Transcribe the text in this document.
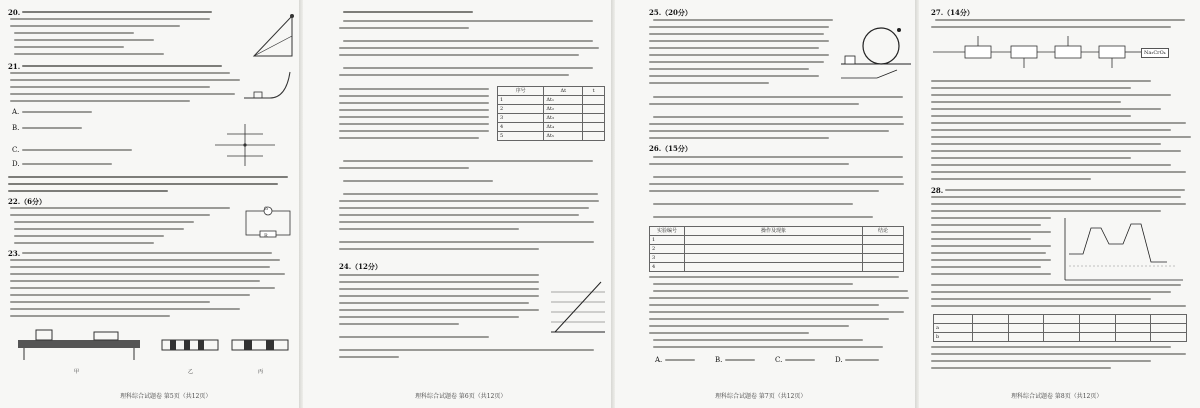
20.
21.
A.
B.
C.
D.
22.（6分）
G
R
23.
甲	乙	丙
理科综合试题卷 第5页（共12页）
序号	Δt	t
1	Δt₁	
2	Δt₂	
3	Δt₃	
4	Δt₄	
5	Δt₅	
24.（12分）
理科综合试题卷 第6页（共12页）
25.（20分）
26.（15分）
实验编号	操作及现象	结论
1		
2		
3		
4		
A.	B.	C.	D.
理科综合试题卷 第7页（共12页）
27.（14分）
Na₂CrO₄
28.

a						
b						
理科综合试题卷 第8页（共12页）
